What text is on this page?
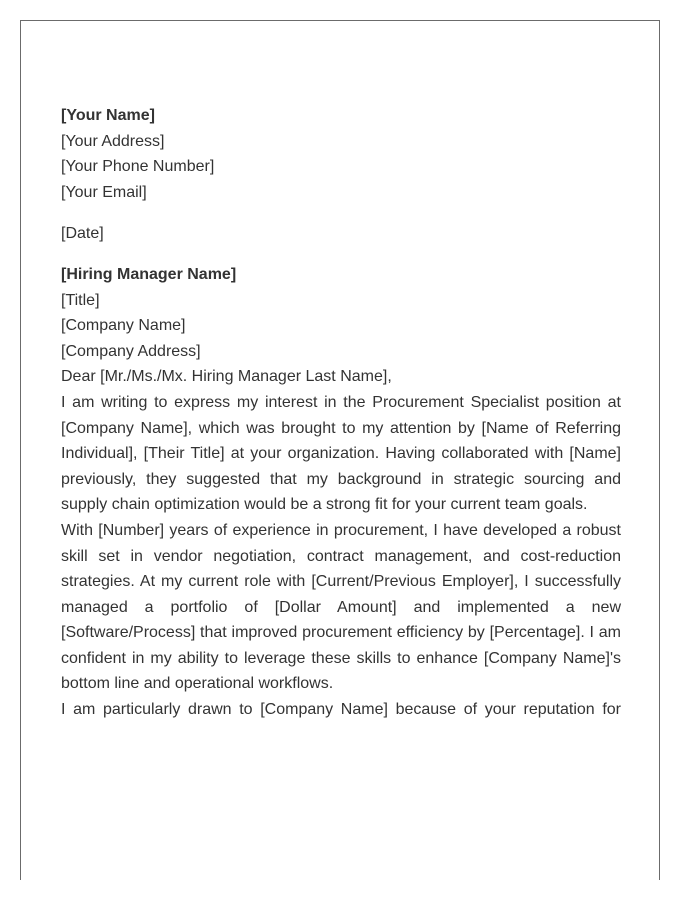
[Your Name]

[Your Address]

[Your Phone Number]

[Your Email]

[Date]

[Hiring Manager Name]

[Title]

[Company Name]

[Company Address]

Dear [Mr./Ms./Mx. Hiring Manager Last Name],

I am writing to express my interest in the Procurement Specialist position at [Company Name], which was brought to my attention by [Name of Referring Individual], [Their Title] at your organization. Having collaborated with [Name] previously, they suggested that my background in strategic sourcing and supply chain optimization would be a strong fit for your current team goals.

With [Number] years of experience in procurement, I have developed a robust skill set in vendor negotiation, contract management, and cost-reduction strategies. At my current role with [Current/Previous Employer], I successfully managed a portfolio of [Dollar Amount] and implemented a new [Software/Process] that improved procurement efficiency by [Percentage]. I am confident in my ability to leverage these skills to enhance [Company Name]'s bottom line and operational workflows.

I am particularly drawn to [Company Name] because of your reputation for
